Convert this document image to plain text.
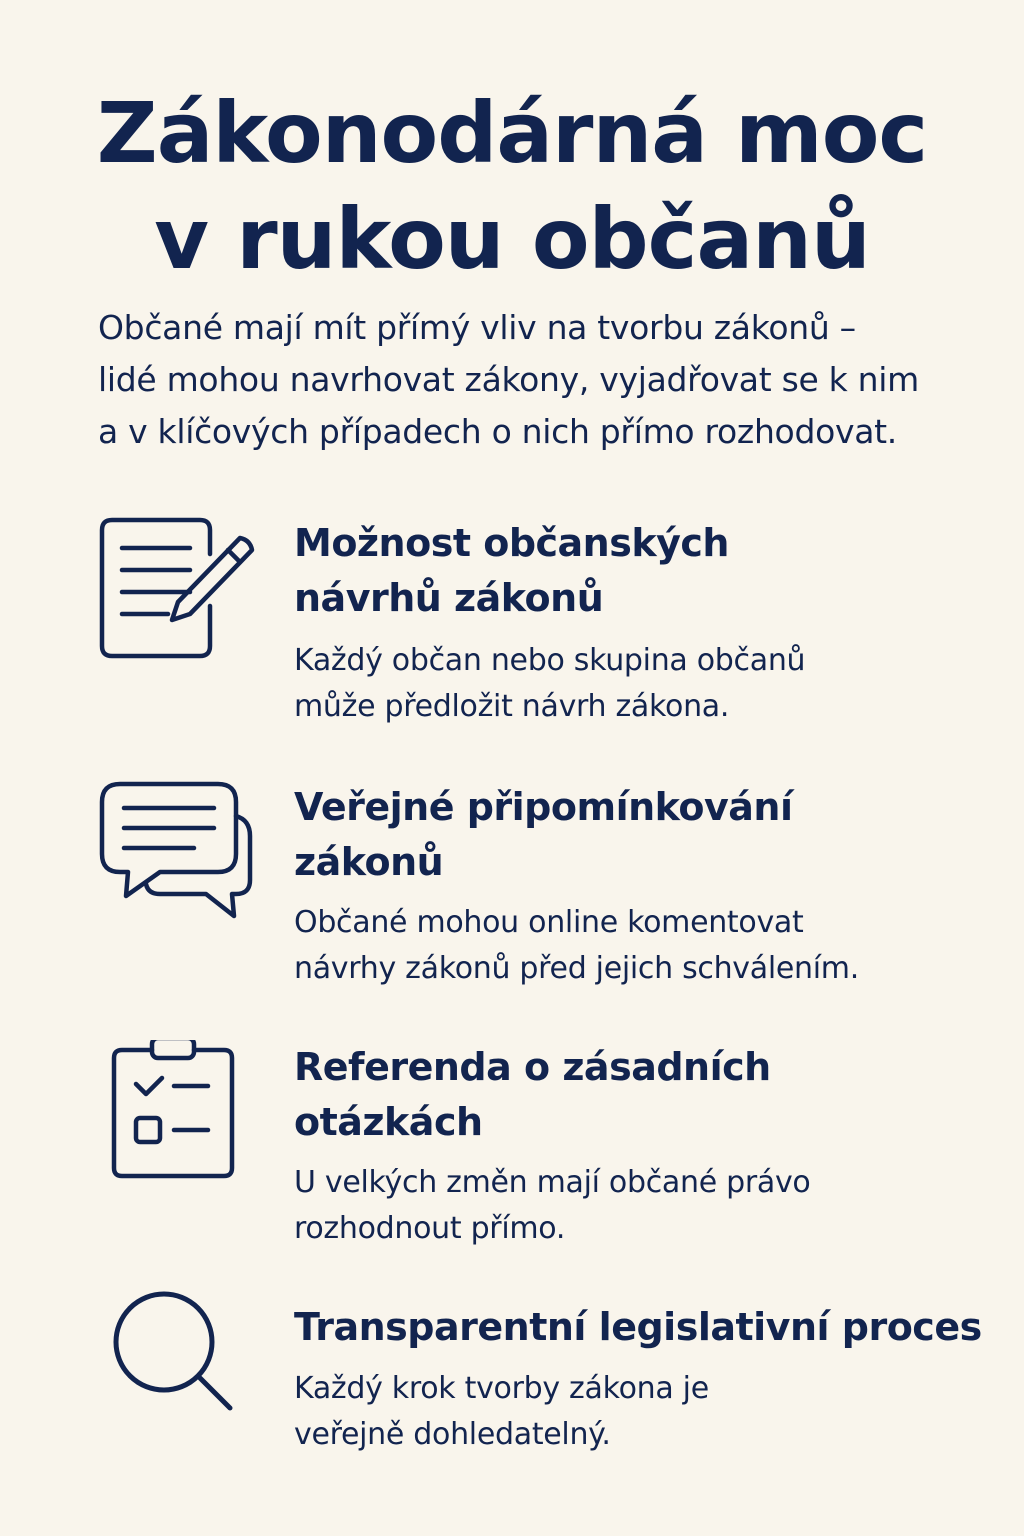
Zákonodárná moc
v rukou občanů

Občané mají mít přímý vliv na tvorbu zákonů –
lidé mohou navrhovat zákony, vyjadřovat se k nim
a v klíčových případech o nich přímo rozhodovat.

Možnost občanských
návrhů zákonů

Každý občan nebo skupina občanů
může předložit návrh zákona.

Veřejné připomínkování
zákonů

Občané mohou online komentovat
návrhy zákonů před jejich schválením.

Referenda o zásadních
otázkách

U velkých změn mají občané právo
rozhodnout přímo.

Transparentní legislativní proces

Každý krok tvorby zákona je
veřejně dohledatelný.
